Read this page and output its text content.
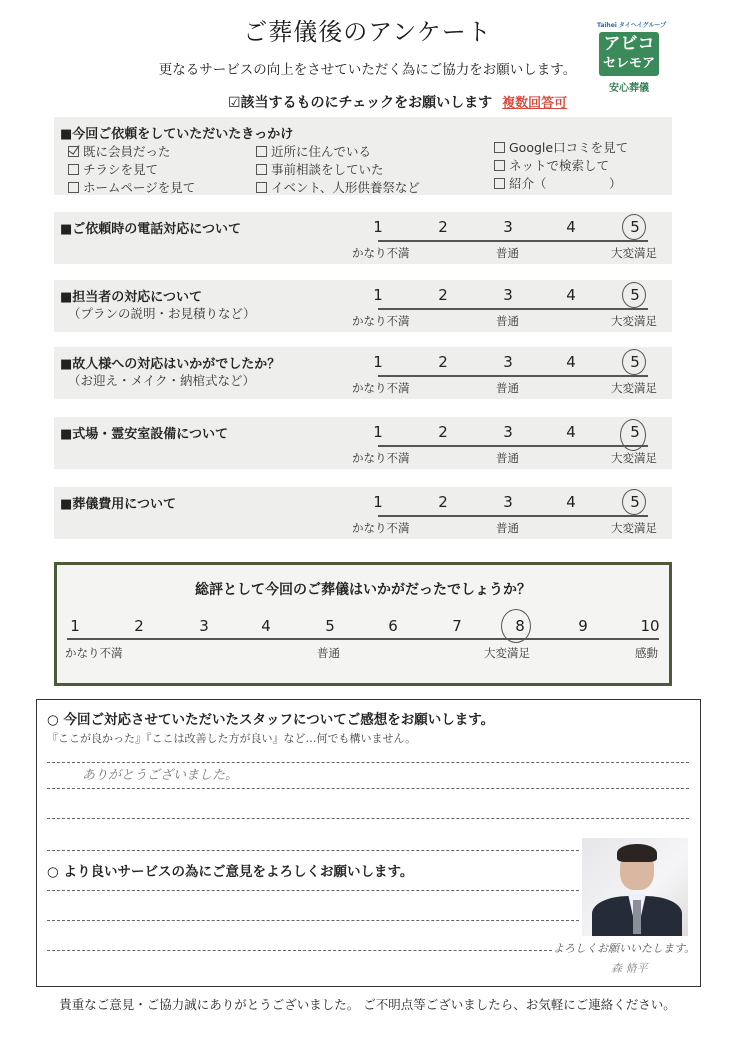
ご葬儀後のアンケート
更なるサービスの向上をさせていただく為にご協力をお願いします。
☑該当するものにチェックをお願いします 複数回答可
Taihei タイヘイグループ
アビコ
セレモア
安心葬儀
■今回ご依頼をしていただいたきっかけ
既に会員だった
チラシを見て
ホームページを見て
近所に住んでいる
事前相談をしていた
イベント、人形供養祭など
Google口コミを見て
ネットで検索して
紹介（　　　　　）
■ご依頼時の電話対応について	1	2	3	4	5
かなり不満	普通	大変満足
■担当者の対応について
（プランの説明・お見積りなど）
1	2	3	4	5
かなり不満	普通	大変満足
■故人様への対応はいかがでしたか？
（お迎え・メイク・納棺式など）
1	2	3	4	5
かなり不満	普通	大変満足
■式場・霊安室設備について	1	2	3	4	5
かなり不満	普通	大変満足
■葬儀費用について	1	2	3	4	5
かなり不満	普通	大変満足
総評として今回のご葬儀はいかがだったでしょうか？
1	2	3	4	5	6	7	8	9	10
かなり不満	普通	大変満足	感動
○ 今回ご対応させていただいたスタッフについてご感想をお願いします。
『ここが良かった』『ここは改善した方が良い』など…何でも構いません。
ありがとうございました。
○ より良いサービスの為にご意見をよろしくお願いします。
よろしくお願いいたします。
森 脩平
貴重なご意見・ご協力誠にありがとうございました。 ご不明点等ございましたら、お気軽にご連絡ください。
